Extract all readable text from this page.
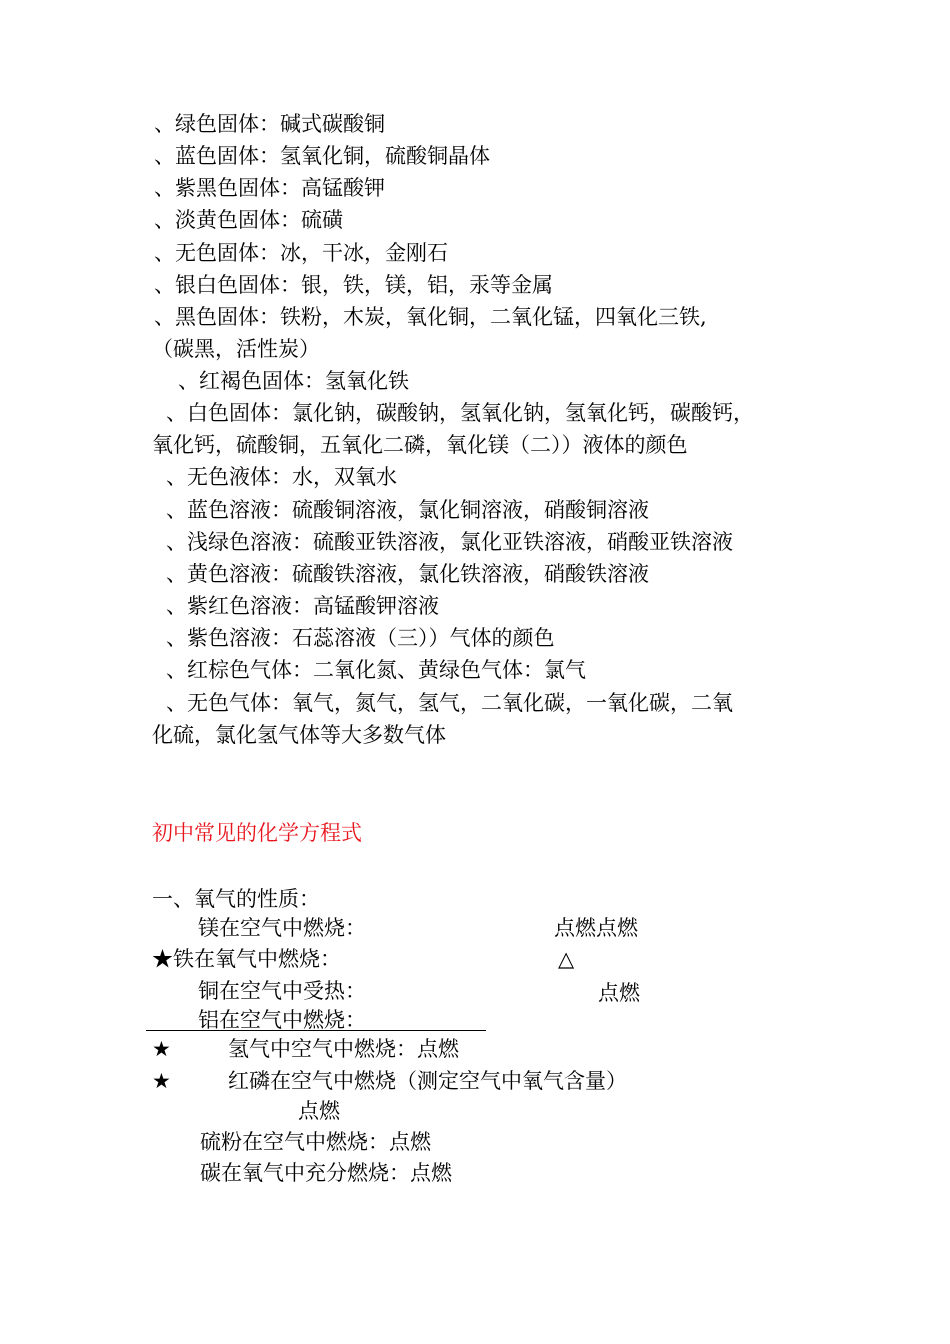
、绿色固体：碱式碳酸铜
、蓝色固体：氢氧化铜，硫酸铜晶体
、紫黑色固体：高锰酸钾
、淡黄色固体：硫磺
、无色固体：冰，干冰，金刚石
、银白色固体：银，铁，镁，铝，汞等金属
、黑色固体：铁粉，木炭，氧化铜，二氧化锰，四氧化三铁,
（碳黑，活性炭）
、红褐色固体：氢氧化铁
、白色固体：氯化钠，碳酸钠，氢氧化钠，氢氧化钙，碳酸钙，
氧化钙，硫酸铜，五氧化二磷，氧化镁（二））液体的颜色
、无色液体：水，双氧水
、蓝色溶液：硫酸铜溶液，氯化铜溶液，硝酸铜溶液
、浅绿色溶液：硫酸亚铁溶液，氯化亚铁溶液，硝酸亚铁溶液
、黄色溶液：硫酸铁溶液，氯化铁溶液，硝酸铁溶液
、紫红色溶液：高锰酸钾溶液
、紫色溶液：石蕊溶液（三））气体的颜色
、红棕色气体：二氧化氮、黄绿色气体：氯气
、无色气体：氧气，氮气，氢气，二氧化碳，一氧化碳，二氧
化硫，氯化氢气体等大多数气体
初中常见的化学方程式
一、氧气的性质：
镁在空气中燃烧：	点燃点燃
★铁在氧气中燃烧：	△
铜在空气中受热：	点燃
铝在空气中燃烧：
★	氢气中空气中燃烧：点燃
★	红磷在空气中燃烧（测定空气中氧气含量）
点燃
硫粉在空气中燃烧：点燃
碳在氧气中充分燃烧：点燃
